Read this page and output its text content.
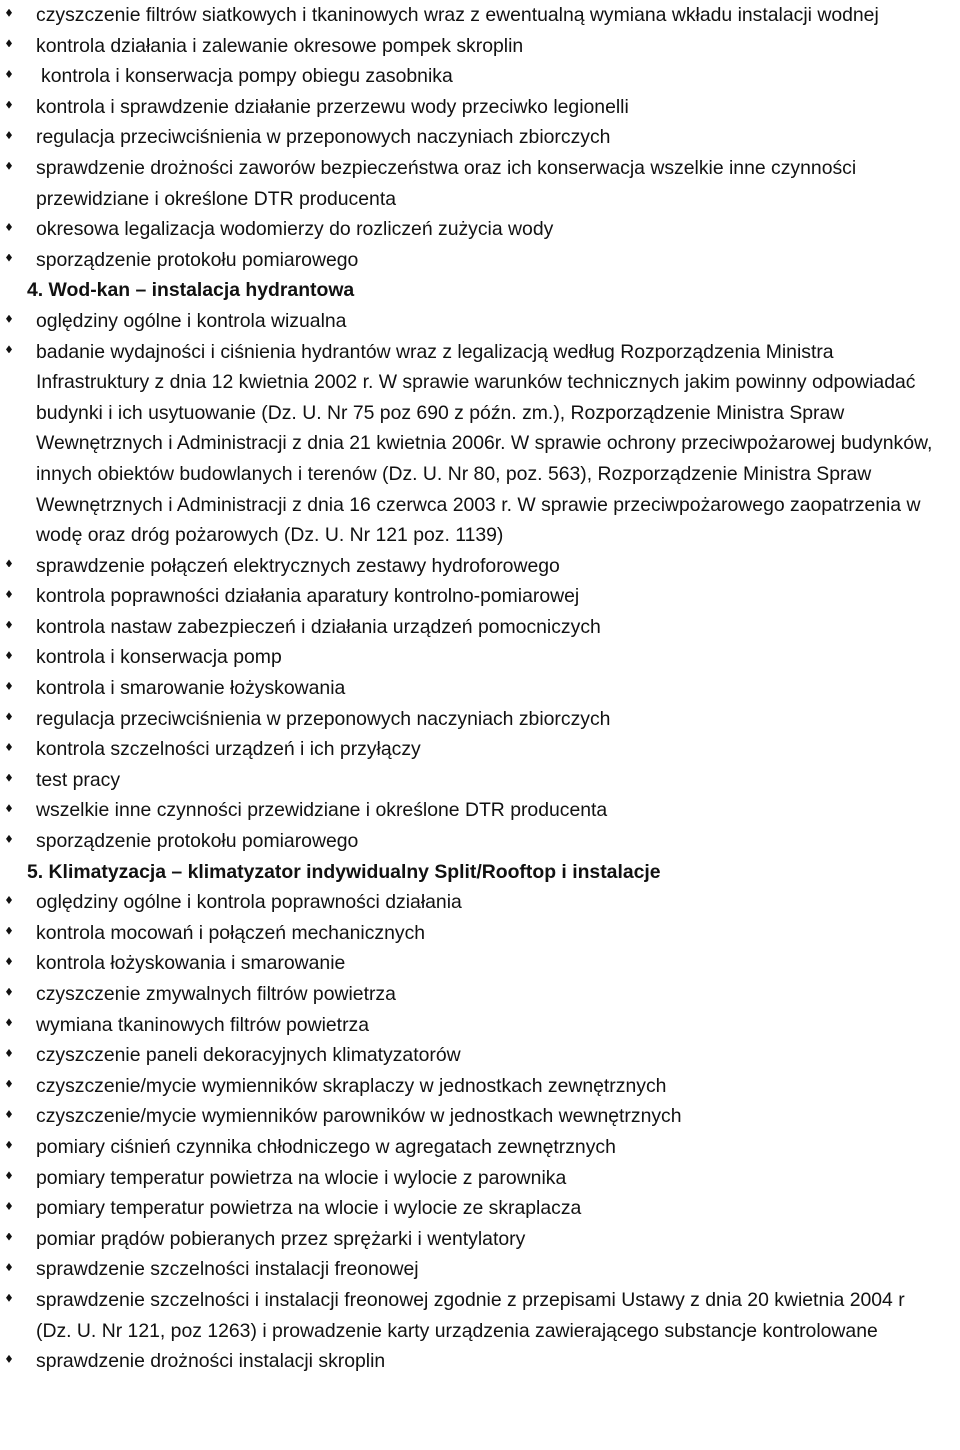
czyszczenie filtrów siatkowych i tkaninowych wraz z ewentualną wymiana wkładu instalacji wodnej
kontrola działania i zalewanie okresowe pompek skroplin
kontrola i konserwacja pompy obiegu zasobnika
kontrola i sprawdzenie działanie przerzewu wody przeciwko legionelli
regulacja przeciwciśnienia w przeponowych naczyniach zbiorczych
sprawdzenie drożności zaworów bezpieczeństwa oraz ich konserwacja wszelkie inne czynności przewidziane i określone DTR producenta
okresowa legalizacja wodomierzy do rozliczeń zużycia wody
sporządzenie protokołu pomiarowego
4. Wod-kan – instalacja hydrantowa
oględziny ogólne i kontrola wizualna
badanie wydajności i ciśnienia hydrantów wraz z legalizacją według Rozporządzenia Ministra Infrastruktury z dnia 12 kwietnia 2002 r. W sprawie warunków technicznych jakim powinny odpowiadać budynki i ich usytuowanie (Dz. U. Nr 75 poz 690 z późn. zm.), Rozporządzenie Ministra Spraw Wewnętrznych i Administracji z dnia 21 kwietnia 2006r. W sprawie ochrony przeciwpożarowej budynków, innych obiektów budowlanych i terenów (Dz. U. Nr 80, poz. 563), Rozporządzenie Ministra Spraw Wewnętrznych i Administracji z dnia 16 czerwca 2003 r. W sprawie przeciwpożarowego zaopatrzenia w wodę oraz dróg pożarowych (Dz. U. Nr 121 poz. 1139)
sprawdzenie połączeń elektrycznych zestawy hydroforowego
kontrola poprawności działania aparatury kontrolno-pomiarowej
kontrola nastaw zabezpieczeń i działania urządzeń pomocniczych
kontrola i konserwacja pomp
kontrola i smarowanie łożyskowania
regulacja przeciwciśnienia w przeponowych naczyniach zbiorczych
kontrola szczelności urządzeń i ich przyłączy
test pracy
wszelkie inne czynności przewidziane i określone DTR producenta
sporządzenie protokołu pomiarowego
5. Klimatyzacja – klimatyzator indywidualny Split/Rooftop i instalacje
oględziny ogólne i kontrola poprawności działania
kontrola mocowań i połączeń mechanicznych
kontrola łożyskowania i smarowanie
czyszczenie zmywalnych filtrów powietrza
wymiana tkaninowych filtrów powietrza
czyszczenie paneli dekoracyjnych klimatyzatorów
czyszczenie/mycie wymienników skraplaczy w jednostkach zewnętrznych
czyszczenie/mycie wymienników parowników w jednostkach wewnętrznych
pomiary ciśnień czynnika chłodniczego w agregatach zewnętrznych
pomiary temperatur powietrza na wlocie i wylocie z parownika
pomiary temperatur powietrza na wlocie i wylocie ze skraplacza
pomiar prądów pobieranych przez sprężarki i wentylatory
sprawdzenie szczelności instalacji freonowej
sprawdzenie szczelności i instalacji freonowej zgodnie z przepisami Ustawy z dnia 20 kwietnia 2004 r (Dz. U. Nr 121, poz 1263) i prowadzenie karty urządzenia zawierającego substancje kontrolowane
sprawdzenie drożności instalacji skroplin
